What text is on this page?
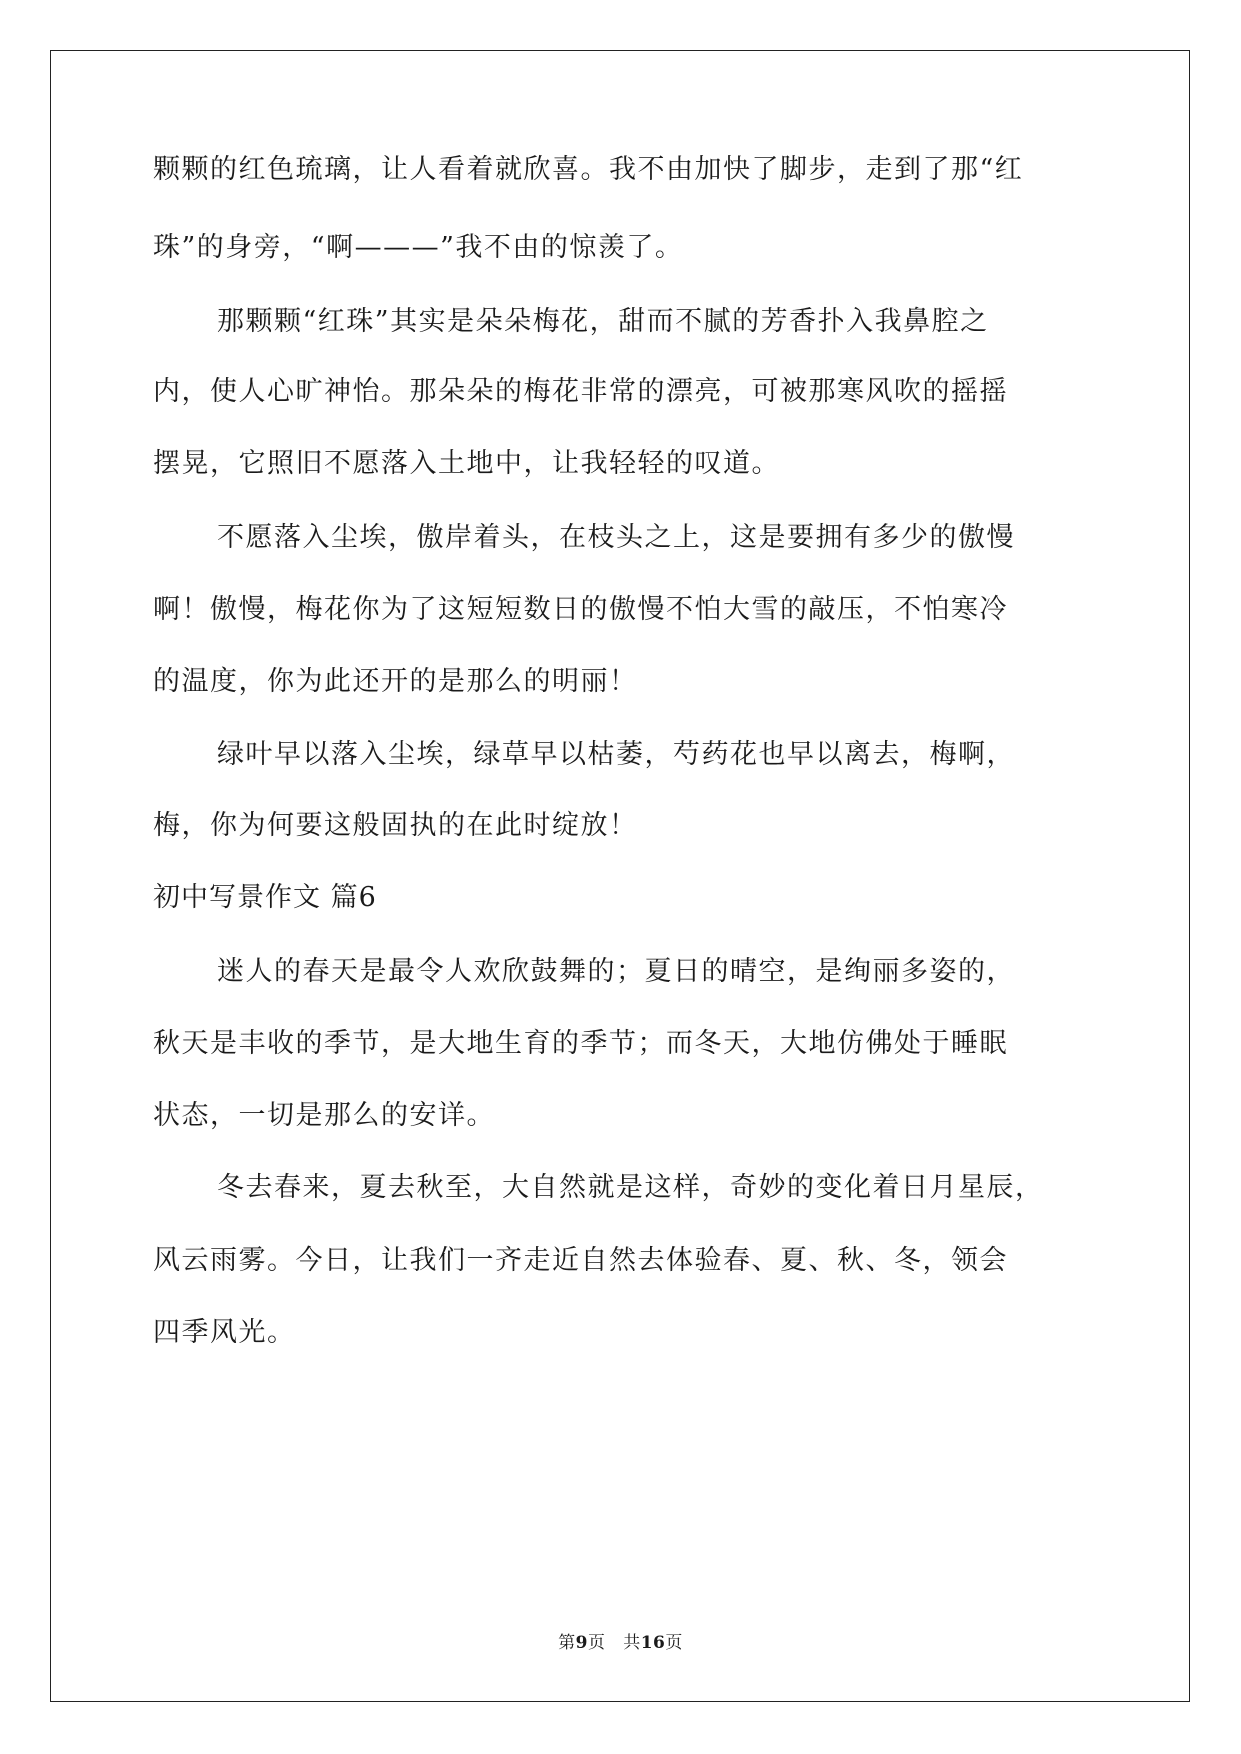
颗颗的红色琉璃，让人看着就欣喜。我不由加快了脚步，走到了那“红
珠”的身旁，“啊———”我不由的惊羡了。
那颗颗“红珠”其实是朵朵梅花，甜而不腻的芳香扑入我鼻腔之
内，使人心旷神怡。那朵朵的梅花非常的漂亮，可被那寒风吹的摇摇
摆晃，它照旧不愿落入土地中，让我轻轻的叹道。
不愿落入尘埃，傲岸着头，在枝头之上，这是要拥有多少的傲慢
啊！傲慢，梅花你为了这短短数日的傲慢不怕大雪的敲压，不怕寒冷
的温度，你为此还开的是那么的明丽！
绿叶早以落入尘埃，绿草早以枯萎，芍药花也早以离去，梅啊，
梅，你为何要这般固执的在此时绽放！
初中写景作文 篇6
迷人的春天是最令人欢欣鼓舞的；夏日的晴空，是绚丽多姿的，
秋天是丰收的季节，是大地生育的季节；而冬天，大地仿佛处于睡眠
状态，一切是那么的安详。
冬去春来，夏去秋至，大自然就是这样，奇妙的变化着日月星辰，
风云雨雾。今日，让我们一齐走近自然去体验春、夏、秋、冬，领会
四季风光。
第9页 共16页
